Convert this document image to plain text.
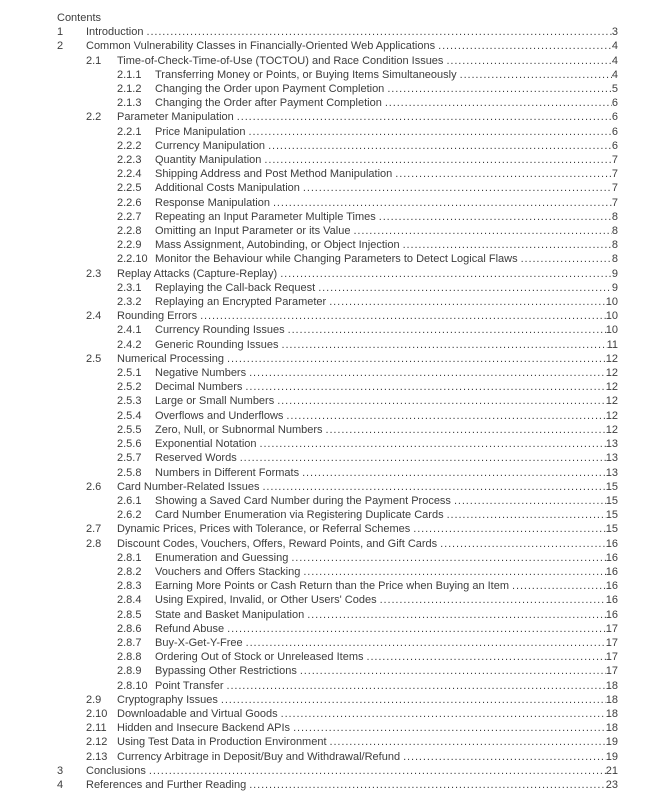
Contents
1	Introduction .....	3
2	Common Vulnerability Classes in Financially-Oriented Web Applications .....	4
2.1	Time-of-Check-Time-of-Use (TOCTOU) and Race Condition Issues .....	4
2.1.1	Transferring Money or Points, or Buying Items Simultaneously .....	4
2.1.2	Changing the Order upon Payment Completion .....	5
2.1.3	Changing the Order after Payment Completion .....	6
2.2	Parameter Manipulation .....	6
2.2.1	Price Manipulation .....	6
2.2.2	Currency Manipulation .....	6
2.2.3	Quantity Manipulation .....	7
2.2.4	Shipping Address and Post Method Manipulation .....	7
2.2.5	Additional Costs Manipulation .....	7
2.2.6	Response Manipulation .....	7
2.2.7	Repeating an Input Parameter Multiple Times .....	8
2.2.8	Omitting an Input Parameter or its Value .....	8
2.2.9	Mass Assignment, Autobinding, or Object Injection .....	8
2.2.10 Monitor the Behaviour while Changing Parameters to Detect Logical Flaws .....	8
2.3	Replay Attacks (Capture-Replay) .....	9
2.3.1	Replaying the Call-back Request .....	9
2.3.2	Replaying an Encrypted Parameter .....	10
2.4	Rounding Errors .....	10
2.4.1	Currency Rounding Issues .....	10
2.4.2	Generic Rounding Issues .....	11
2.5	Numerical Processing .....	12
2.5.1	Negative Numbers .....	12
2.5.2	Decimal Numbers .....	12
2.5.3	Large or Small Numbers .....	12
2.5.4	Overflows and Underflows .....	12
2.5.5	Zero, Null, or Subnormal Numbers .....	12
2.5.6	Exponential Notation .....	13
2.5.7	Reserved Words .....	13
2.5.8	Numbers in Different Formats .....	13
2.6	Card Number-Related Issues .....	15
2.6.1	Showing a Saved Card Number during the Payment Process .....	15
2.6.2	Card Number Enumeration via Registering Duplicate Cards .....	15
2.7	Dynamic Prices, Prices with Tolerance, or Referral Schemes .....	15
2.8	Discount Codes, Vouchers, Offers, Reward Points, and Gift Cards .....	16
2.8.1	Enumeration and Guessing .....	16
2.8.2	Vouchers and Offers Stacking .....	16
2.8.3	Earning More Points or Cash Return than the Price when Buying an Item .....	16
2.8.4	Using Expired, Invalid, or Other Users' Codes .....	16
2.8.5	State and Basket Manipulation .....	16
2.8.6	Refund Abuse .....	17
2.8.7	Buy-X-Get-Y-Free .....	17
2.8.8	Ordering Out of Stock or Unreleased Items .....	17
2.8.9	Bypassing Other Restrictions .....	17
2.8.10 Point Transfer .....	18
2.9	Cryptography Issues .....	18
2.10 Downloadable and Virtual Goods .....	18
2.11 Hidden and Insecure Backend APIs .....	18
2.12 Using Test Data in Production Environment .....	19
2.13 Currency Arbitrage in Deposit/Buy and Withdrawal/Refund .....	19
3	Conclusions .....	21
4	References and Further Reading .....	23
